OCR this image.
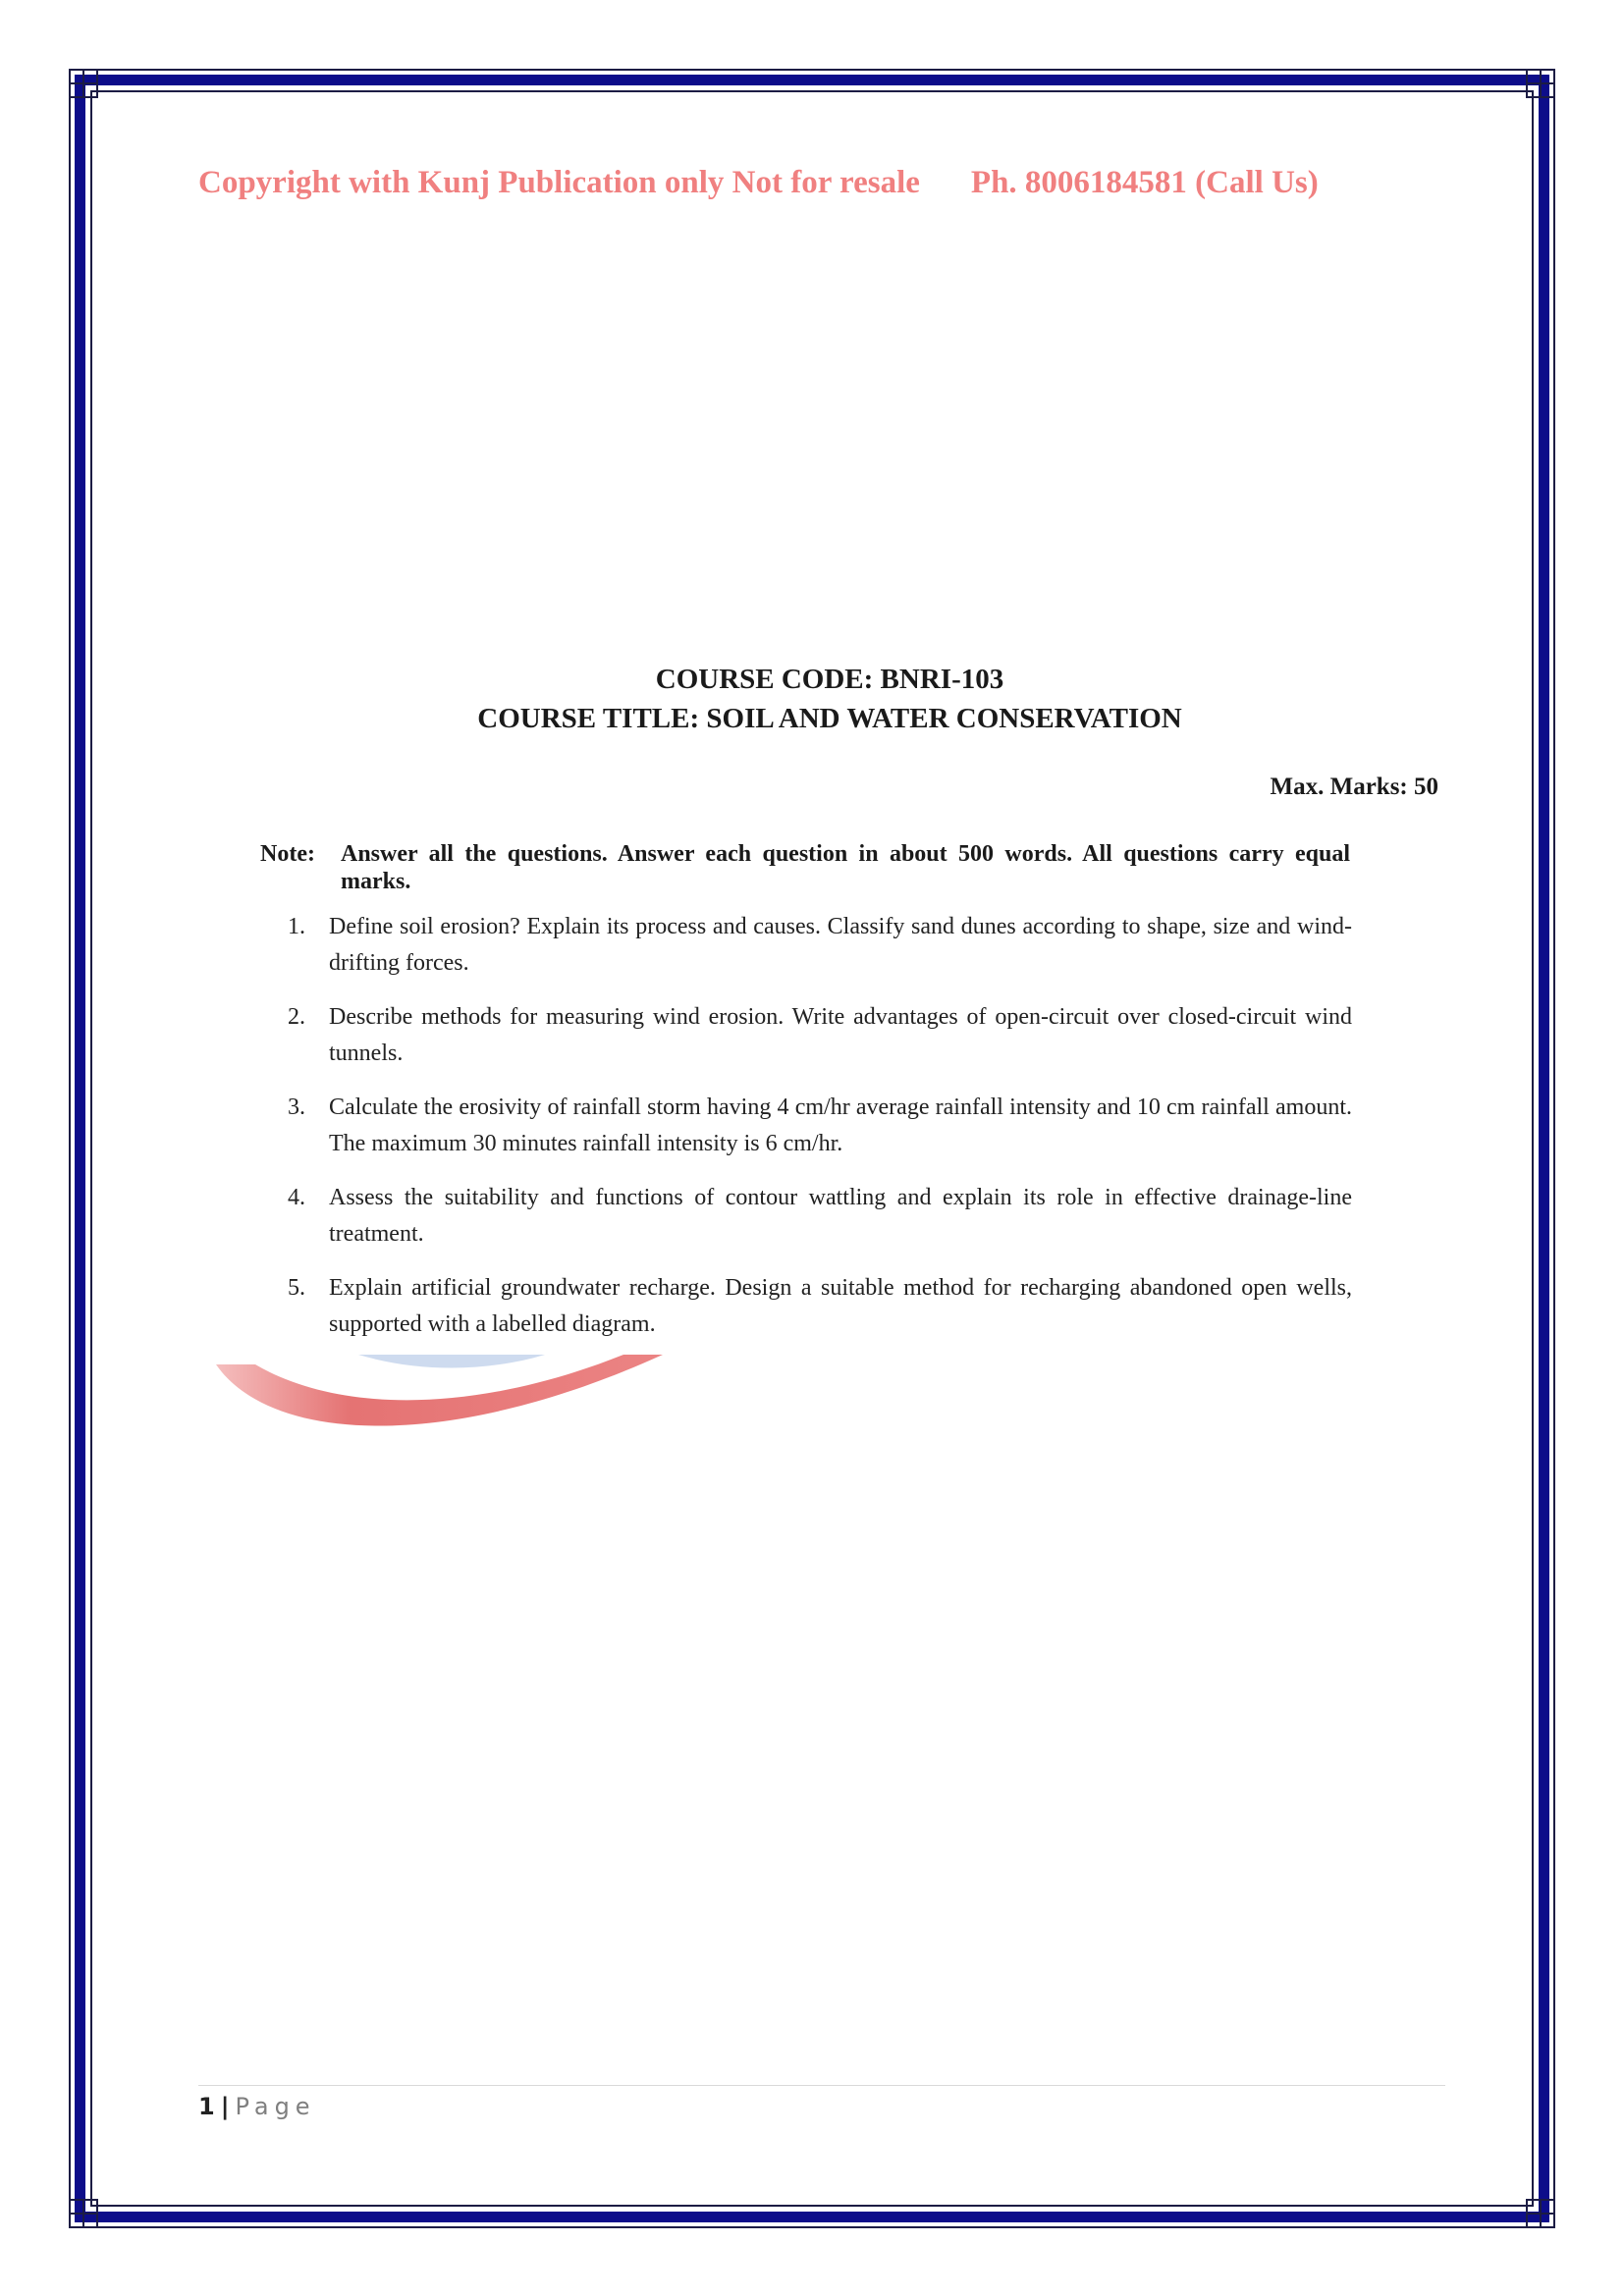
Copyright with Kunj Publication only Not for resale Ph. 8006184581 (Call Us)
COURSE CODE: BNRI-103
COURSE TITLE: SOIL AND WATER CONSERVATION
Max. Marks: 50
Note: Answer all the questions. Answer each question in about 500 words. All questions carry equal marks.
1. Define soil erosion? Explain its process and causes. Classify sand dunes according to shape, size and wind-drifting forces.
2. Describe methods for measuring wind erosion. Write advantages of open-circuit over closed-circuit wind tunnels.
3. Calculate the erosivity of rainfall storm having 4 cm/hr average rainfall intensity and 10 cm rainfall amount. The maximum 30 minutes rainfall intensity is 6 cm/hr.
4. Assess the suitability and functions of contour wattling and explain its role in effective drainage-line treatment.
5. Explain artificial groundwater recharge. Design a suitable method for recharging abandoned open wells, supported with a labelled diagram.
1 | Page
